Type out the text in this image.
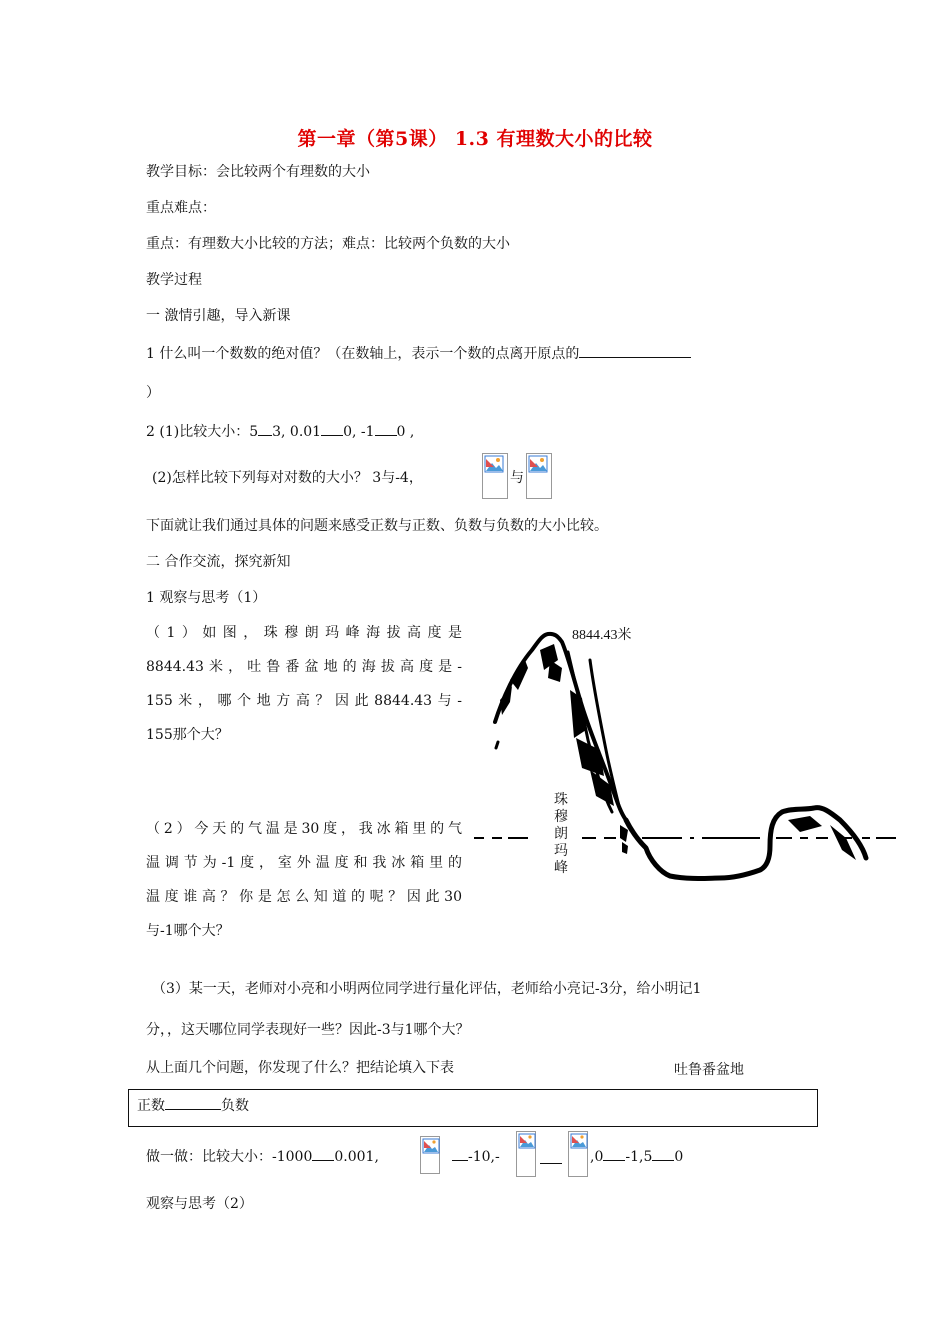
第一章（第5课） 1.3 有理数大小的比较
教学目标：会比较两个有理数的大小
重点难点：
重点：有理数大小比较的方法；难点：比较两个负数的大小
教学过程
一 激情引趣，导入新课
1 什么叫一个数数的绝对值？（在数轴上，表示一个数的点离开原点的
）
2 (1)比较大小：5 3, 0.01 0, -1 0 ,
(2)怎样比较下列每对对数的大小？ 3与-4，	与
下面就让我们通过具体的问题来感受正数与正数、负数与负数的大小比较。
二 合作交流，探究新知
1 观察与思考（1）
（1）如图，珠穆朗玛峰海拔高度是
8844.43米，吐鲁番盆地的海拔高度是-
155米，哪个地方高？因此8844.43与-
155那个大？
（2）今天的气温是30度，我冰箱里的气
温调节为-1度，室外温度和我冰箱里的
温度谁高？你是怎么知道的呢？因此30
与-1哪个大？
8844.43米
珠
穆
朗
玛
峰
（3）某一天，老师对小亮和小明两位同学进行量化评估，老师给小亮记-3分，给小明记1
分，，这天哪位同学表现好一些？因此-3与1哪个大？
从上面几个问题，你发现了什么？把结论填入下表	吐鲁番盆地
正数	负数
做一做：比较大小：-1000 0.001,	-10,-	,0 -1,5 0
观察与思考（2）
